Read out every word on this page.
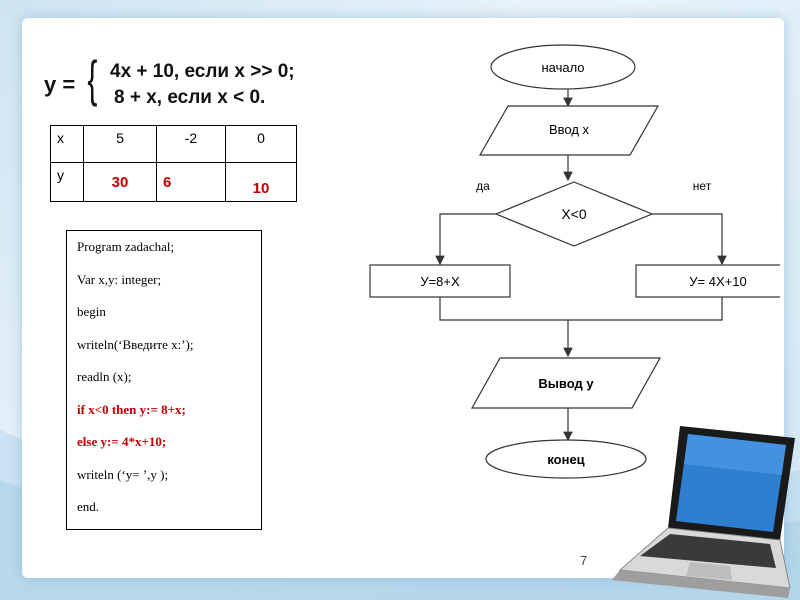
y = { 4x + 10, если x >> 0;
8 + x, если x < 0.
x	5	-2	0
y	30	6	10
Program zadachal;
Var x,y: integer;
begin
writeln(‘Введите x:’);
readln (x);
if x<0 then y:= 8+x;
else y:= 4*x+10;
writeln (‘y= ’,y );
end.
начало
Ввод х
X<0
да	нет
У=8+Х	У= 4Х+10
Вывод у
конец
7
